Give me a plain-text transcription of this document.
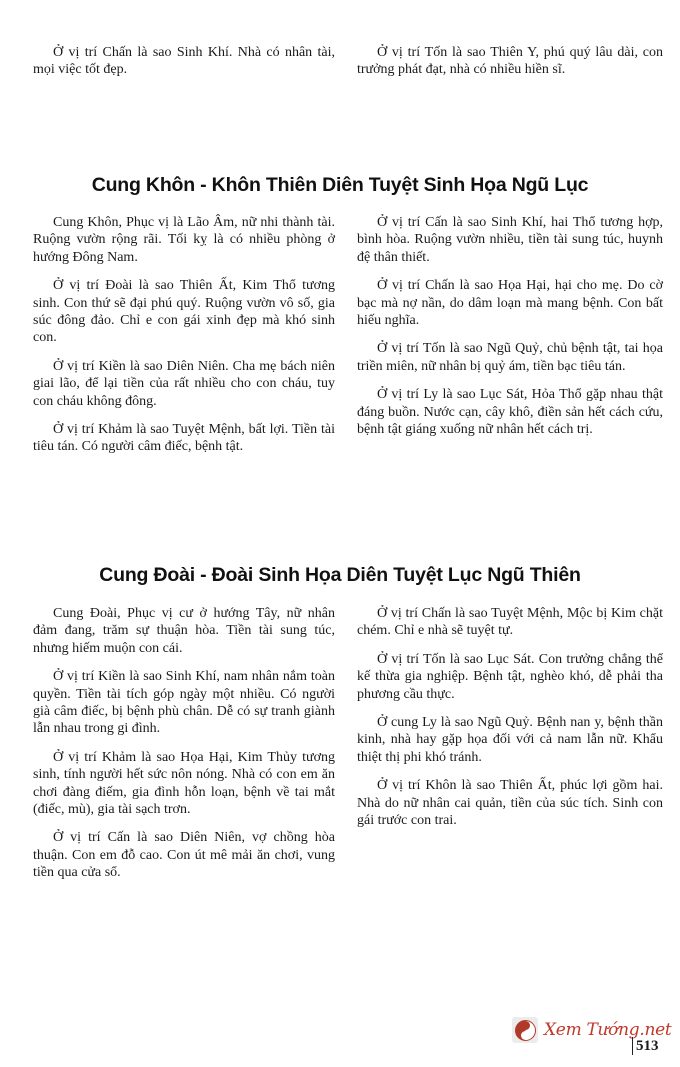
Ở vị trí Chấn là sao Sinh Khí. Nhà có nhân tài, mọi việc tốt đẹp.

Ở vị trí Tốn là sao Thiên Y, phú quý lâu dài, con trưởng phát đạt, nhà có nhiều hiền sĩ.

Cung Khôn - Khôn Thiên Diên Tuyệt Sinh Họa Ngũ Lục

Cung Khôn, Phục vị là Lão Âm, nữ nhi thành tài. Ruộng vườn rộng rãi. Tối kỵ là có nhiều phòng ở hướng Đông Nam.

Ở vị trí Đoài là sao Thiên Ất, Kim Thổ tương sinh. Con thứ sẽ đại phú quý. Ruộng vườn vô số, gia súc đông đảo. Chỉ e con gái xinh đẹp mà khó sinh con.

Ở vị trí Kiền là sao Diên Niên. Cha mẹ bách niên giai lão, để lại tiền của rất nhiều cho con cháu, tuy con cháu không đông.

Ở vị trí Khảm là sao Tuyệt Mệnh, bất lợi. Tiền tài tiêu tán. Có người câm điếc, bệnh tật.

Ở vị trí Cấn là sao Sinh Khí, hai Thổ tương hợp, bình hòa. Ruộng vườn nhiều, tiền tài sung túc, huynh đệ thân thiết.

Ở vị trí Chấn là sao Họa Hại, hại cho mẹ. Do cờ bạc mà nợ nần, do dâm loạn mà mang bệnh. Con bất hiếu nghĩa.

Ở vị trí Tốn là sao Ngũ Quỷ, chủ bệnh tật, tai họa triền miên, nữ nhân bị quỷ ám, tiền bạc tiêu tán.

Ở vị trí Ly là sao Lục Sát, Hỏa Thổ gặp nhau thật đáng buồn. Nước cạn, cây khô, điền sản hết cách cứu, bệnh tật giáng xuống nữ nhân hết cách trị.

Cung Đoài - Đoài Sinh Họa Diên Tuyệt Lục Ngũ Thiên

Cung Đoài, Phục vị cư ở hướng Tây, nữ nhân đảm đang, trăm sự thuận hòa. Tiền tài sung túc, nhưng hiếm muộn con cái.

Ở vị trí Kiền là sao Sinh Khí, nam nhân nắm toàn quyền. Tiền tài tích góp ngày một nhiều. Có người già câm điếc, bị bệnh phù chân. Dễ có sự tranh giành lẫn nhau trong gi đình.

Ở vị trí Khảm là sao Họa Hại, Kim Thủy tương sinh, tính người hết sức nôn nóng. Nhà có con em ăn chơi đàng điếm, gia đình hỗn loạn, bệnh về tai mắt (điếc, mù), gia tài sạch trơn.

Ở vị trí Cấn là sao Diên Niên, vợ chồng hòa thuận. Con em đỗ cao. Con út mê mải ăn chơi, vung tiền qua cửa sổ.

Ở vị trí Chấn là sao Tuyệt Mệnh, Mộc bị Kim chặt chém. Chỉ e nhà sẽ tuyệt tự.

Ở vị trí Tốn là sao Lục Sát. Con trưởng chẳng thể kế thừa gia nghiệp. Bệnh tật, nghèo khó, dễ phải tha phương cầu thực.

Ở cung Ly là sao Ngũ Quỷ. Bệnh nan y, bệnh thần kinh, nhà hay gặp họa đối với cả nam lẫn nữ. Khẩu thiệt thị phi khó tránh.

Ở vị trí Khôn là sao Thiên Ất, phúc lợi gồm hai. Nhà do nữ nhân cai quản, tiền của súc tích. Sinh con gái trước con trai.

Xem Tướng.net
513
